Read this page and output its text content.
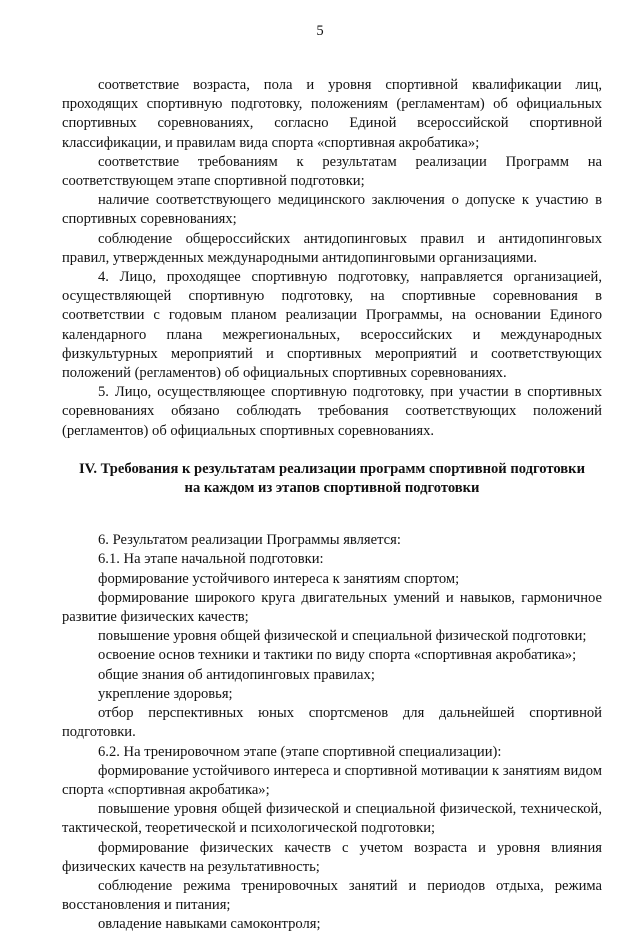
5

соответствие возраста, пола и уровня спортивной квалификации лиц, проходящих спортивную подготовку, положениям (регламентам) об официальных спортивных соревнованиях, согласно Единой всероссийской спортивной классификации, и правилам вида спорта «спортивная акробатика»;

соответствие требованиям к результатам реализации Программ на соответствующем этапе спортивной подготовки;

наличие соответствующего медицинского заключения о допуске к участию в спортивных соревнованиях;

соблюдение общероссийских антидопинговых правил и антидопинговых правил, утвержденных международными антидопинговыми организациями.

4. Лицо, проходящее спортивную подготовку, направляется организацией, осуществляющей спортивную подготовку, на спортивные соревнования в соответствии с годовым планом реализации Программы, на основании Единого календарного плана межрегиональных, всероссийских и международных физкультурных мероприятий и спортивных мероприятий и соответствующих положений (регламентов) об официальных спортивных соревнованиях.

5. Лицо, осуществляющее спортивную подготовку, при участии в спортивных соревнованиях обязано соблюдать требования соответствующих положений (регламентов) об официальных спортивных соревнованиях.

IV. Требования к результатам реализации программ спортивной подготовки на каждом из этапов спортивной подготовки

6. Результатом реализации Программы является:

6.1. На этапе начальной подготовки:

формирование устойчивого интереса к занятиям спортом;

формирование широкого круга двигательных умений и навыков, гармоничное развитие физических качеств;

повышение уровня общей физической и специальной физической подготовки;

освоение основ техники и тактики по виду спорта «спортивная акробатика»;

общие знания об антидопинговых правилах;

укрепление здоровья;

отбор перспективных юных спортсменов для дальнейшей спортивной подготовки.

6.2. На тренировочном этапе (этапе спортивной специализации):

формирование устойчивого интереса и спортивной мотивации к занятиям видом спорта «спортивная акробатика»;

повышение уровня общей физической и специальной физической, технической, тактической, теоретической и психологической подготовки;

формирование физических качеств с учетом возраста и уровня влияния физических качеств на результативность;

соблюдение режима тренировочных занятий и периодов отдыха, режима восстановления и питания;

овладение навыками самоконтроля;
